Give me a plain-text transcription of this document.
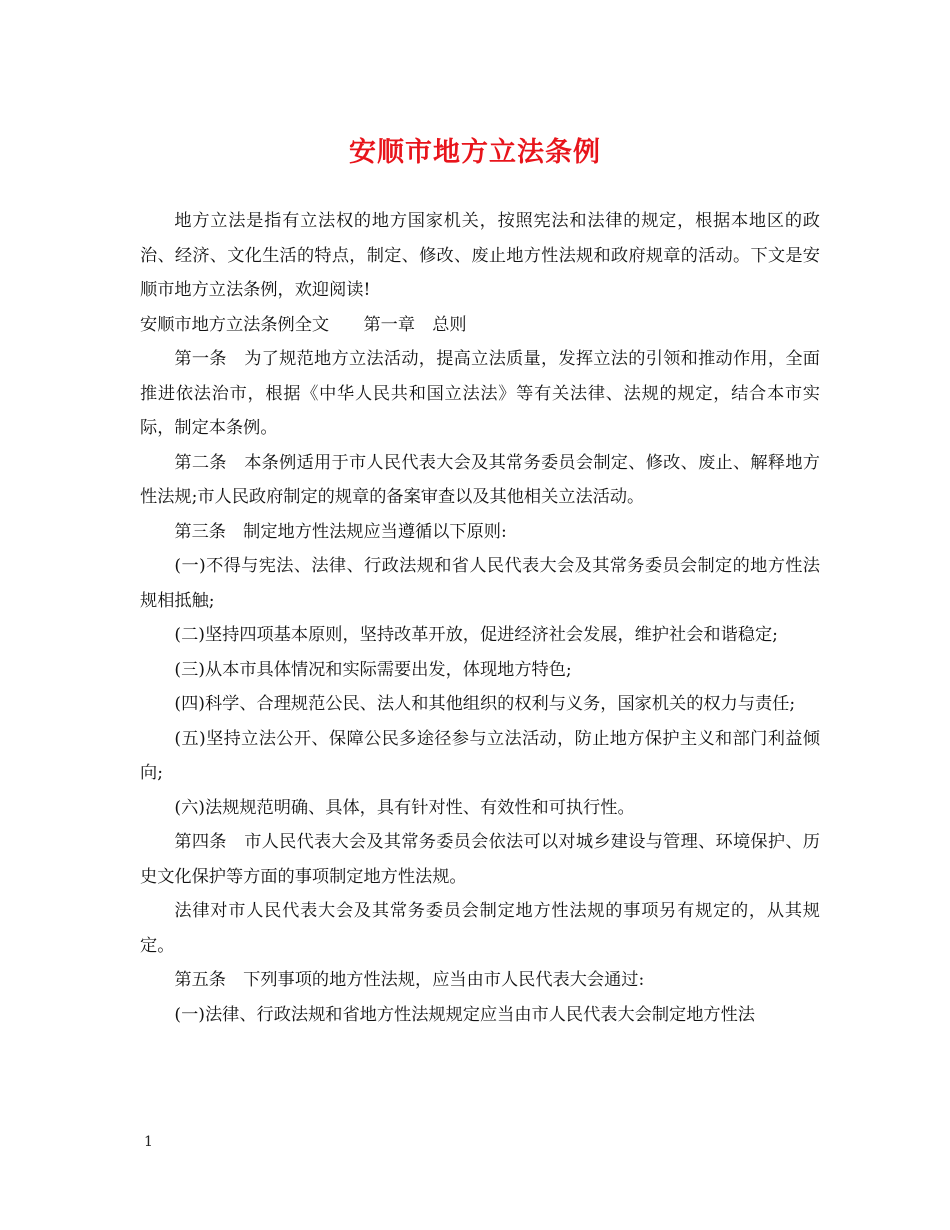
安顺市地方立法条例

地方立法是指有立法权的地方国家机关，按照宪法和法律的规定，根据本地区的政治、经济、文化生活的特点，制定、修改、废止地方性法规和政府规章的活动。下文是安顺市地方立法条例，欢迎阅读!

安顺市地方立法条例全文　　第一章　总则

第一条　为了规范地方立法活动，提高立法质量，发挥立法的引领和推动作用，全面推进依法治市，根据《中华人民共和国立法法》等有关法律、法规的规定，结合本市实际，制定本条例。

第二条　本条例适用于市人民代表大会及其常务委员会制定、修改、废止、解释地方性法规;市人民政府制定的规章的备案审查以及其他相关立法活动。

第三条　制定地方性法规应当遵循以下原则:

(一)不得与宪法、法律、行政法规和省人民代表大会及其常务委员会制定的地方性法规相抵触;

(二)坚持四项基本原则，坚持改革开放，促进经济社会发展，维护社会和谐稳定;

(三)从本市具体情况和实际需要出发，体现地方特色;

(四)科学、合理规范公民、法人和其他组织的权利与义务，国家机关的权力与责任;

(五)坚持立法公开、保障公民多途径参与立法活动，防止地方保护主义和部门利益倾向;

(六)法规规范明确、具体，具有针对性、有效性和可执行性。

第四条　市人民代表大会及其常务委员会依法可以对城乡建设与管理、环境保护、历史文化保护等方面的事项制定地方性法规。

法律对市人民代表大会及其常务委员会制定地方性法规的事项另有规定的，从其规定。

第五条　下列事项的地方性法规，应当由市人民代表大会通过:

(一)法律、行政法规和省地方性法规规定应当由市人民代表大会制定地方性法

1
